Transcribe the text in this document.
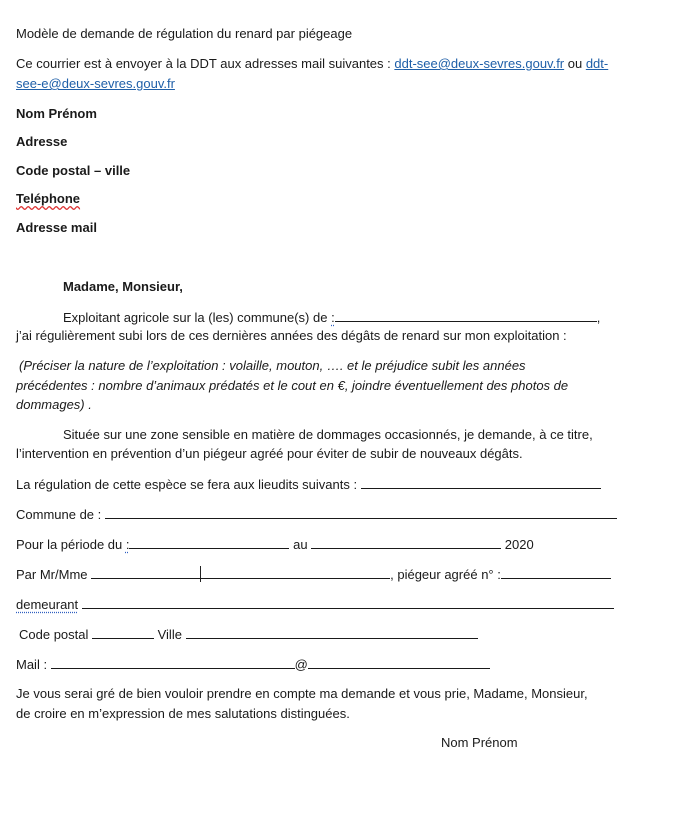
Modèle de demande de régulation du renard par piégeage
Ce courrier est à envoyer à la DDT aux adresses mail suivantes : ddt-see@deux-sevres.gouv.fr ou ddt-
see-e@deux-sevres.gouv.fr
Nom Prénom
Adresse
Code postal – ville
Teléphone
Adresse mail
Madame, Monsieur,
Exploitant agricole sur la (les) commune(s) de :	,
j’ai régulièrement subi lors de ces dernières années des dégâts de renard sur mon exploitation :
(Préciser la nature de l’exploitation : volaille, mouton, …. et le préjudice subit les années
précédentes : nombre d’animaux prédatés et le cout en €, joindre éventuellement des photos de
dommages) .
Située sur une zone sensible en matière de dommages occasionnés, je demande, à ce titre,
l’intervention en prévention d’un piégeur agréé pour éviter de subir de nouveaux dégâts.
La régulation de cette espèce se fera aux lieudits suivants :
Commune de :
Pour la période du :	au	2020
Par Mr/Mme	, piégeur agréé n° :
demeurant
Code postal	Ville
Mail :	@
Je vous serai gré de bien vouloir prendre en compte ma demande et vous prie, Madame, Monsieur,
de croire en m’expression de mes salutations distinguées.
Nom Prénom
